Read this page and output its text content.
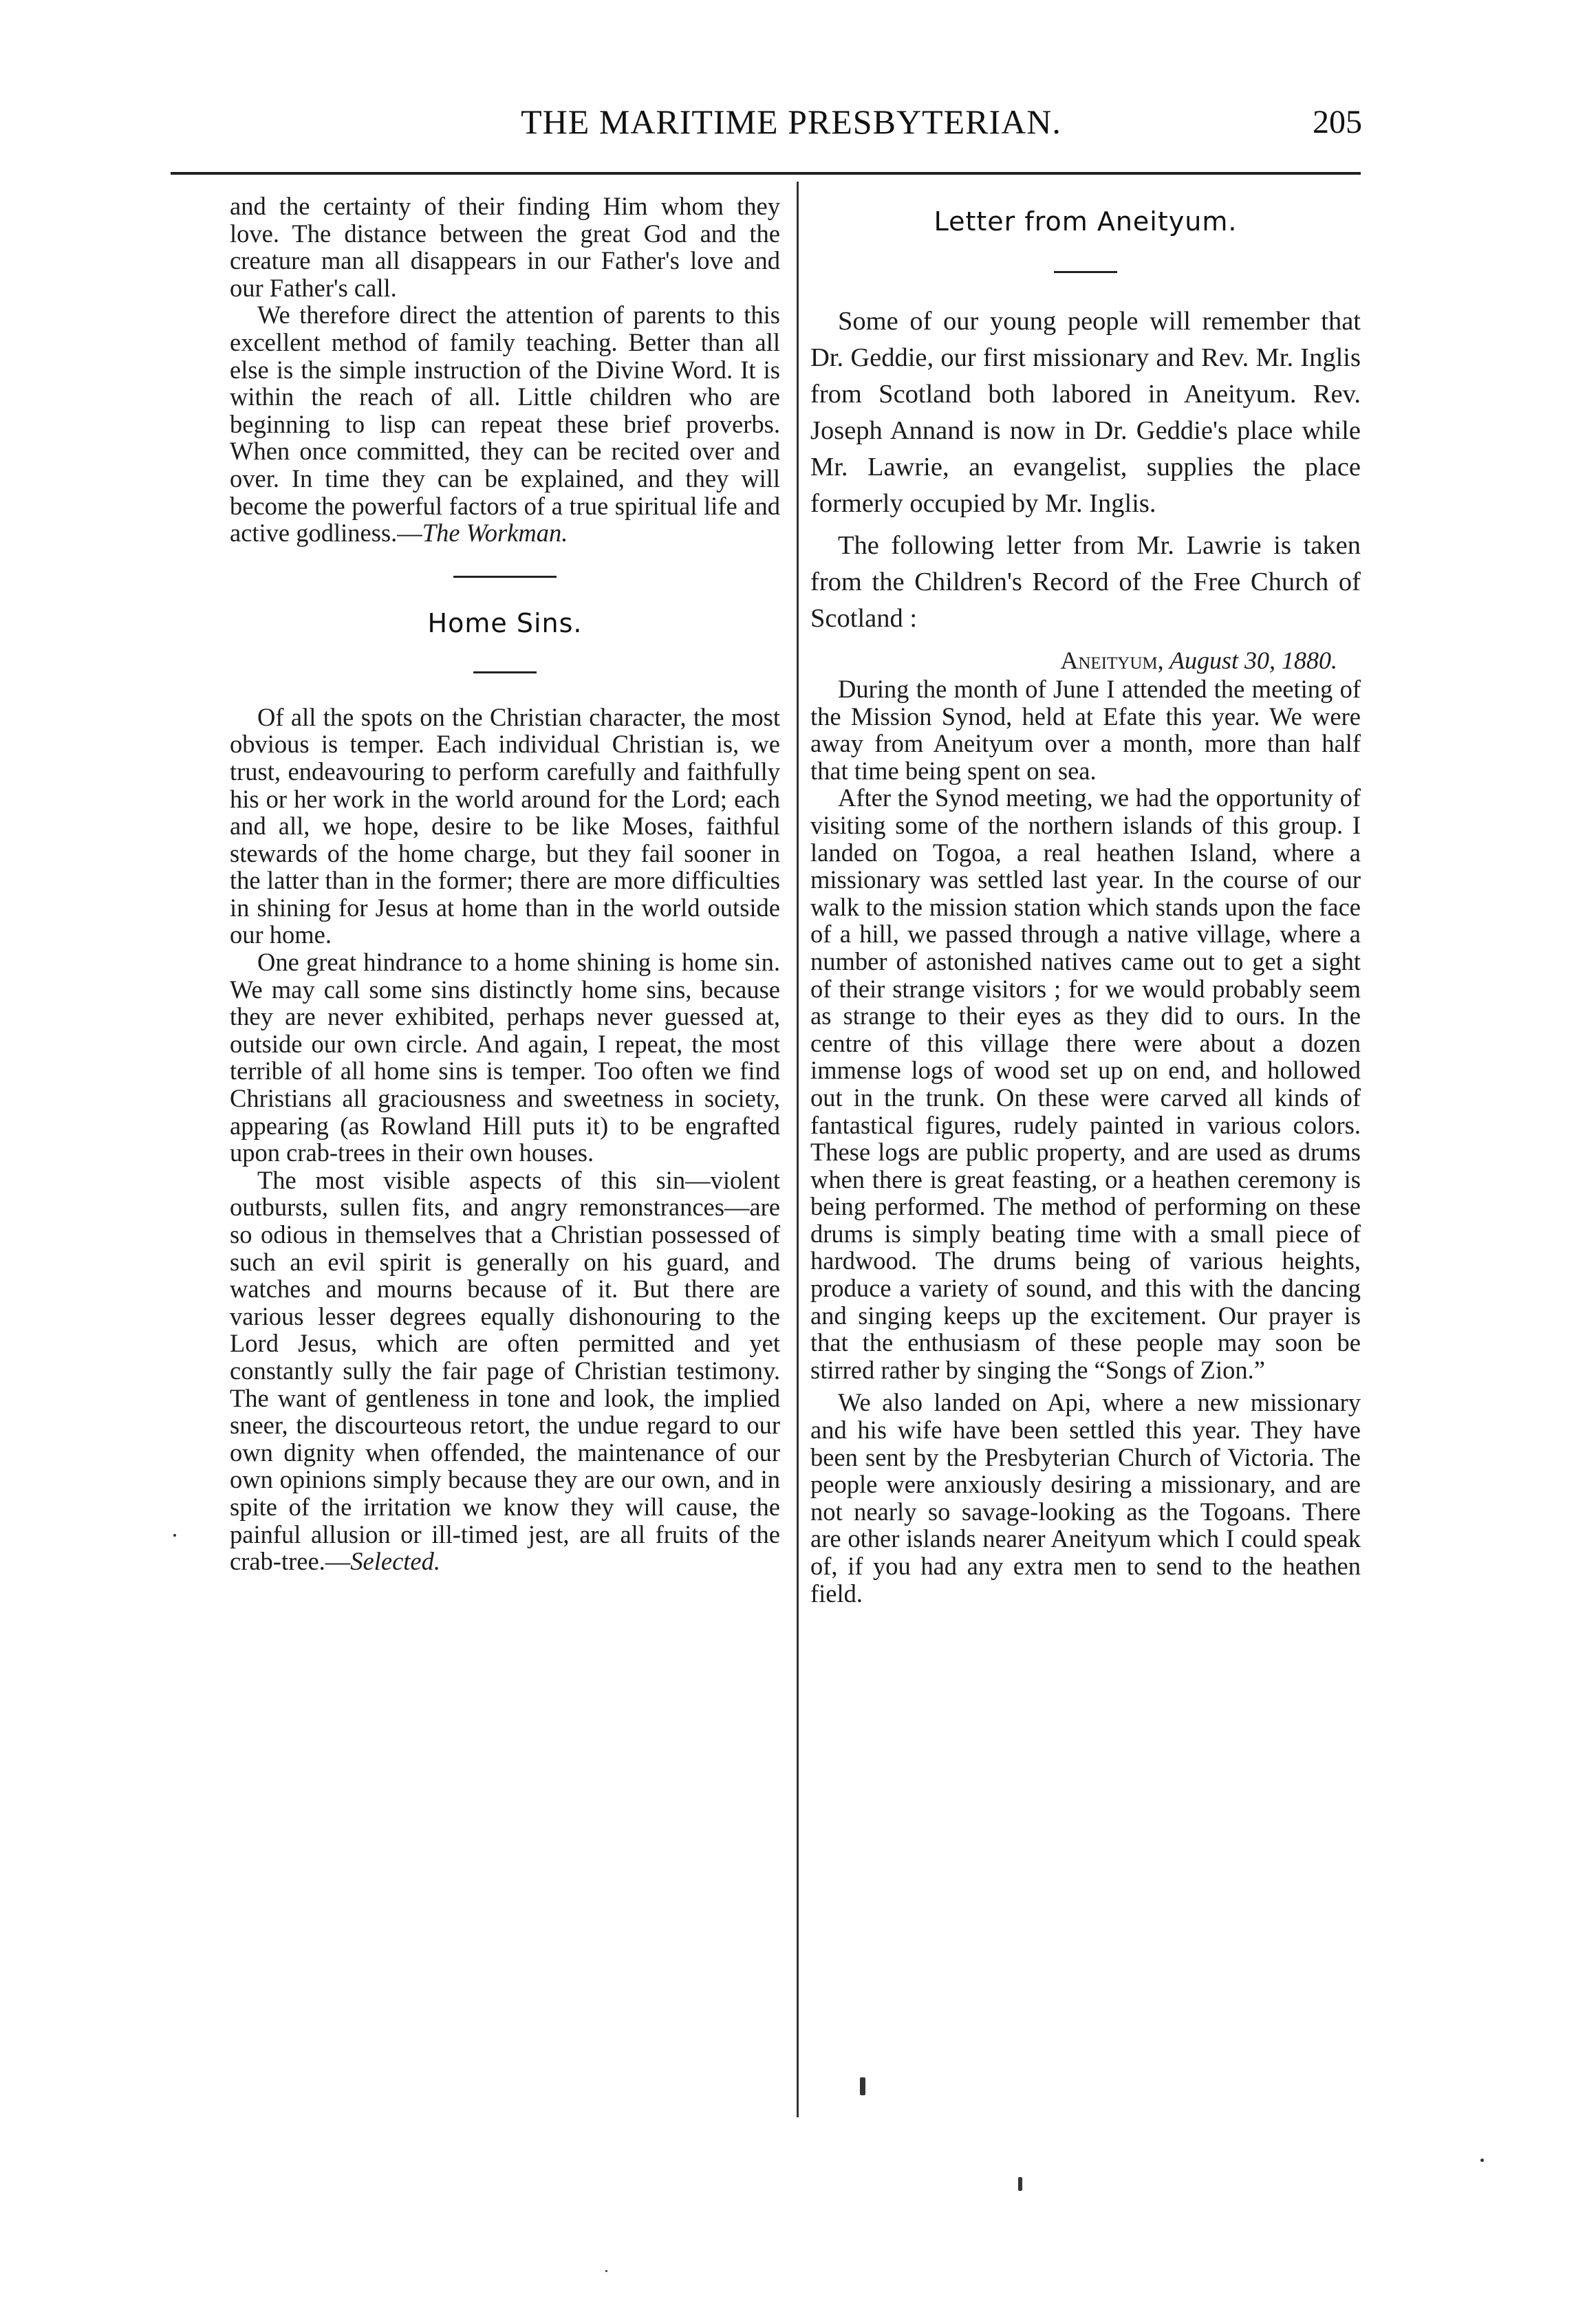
THE MARITIME PRESBYTERIAN.	205

and the certainty of their finding Him whom they love. The distance between the great God and the creature man all disappears in our Father's love and our Father's call.

We therefore direct the attention of parents to this excellent method of family teaching. Better than all else is the simple instruction of the Divine Word. It is within the reach of all. Little children who are beginning to lisp can repeat these brief proverbs. When once committed, they can be recited over and over. In time they can be explained, and they will become the powerful factors of a true spiritual life and active godliness.—The Workman.

Home Sins.

Of all the spots on the Christian character, the most obvious is temper. Each individual Christian is, we trust, endeavouring to perform carefully and faithfully his or her work in the world around for the Lord; each and all, we hope, desire to be like Moses, faithful stewards of the home charge, but they fail sooner in the latter than in the former; there are more difficulties in shining for Jesus at home than in the world outside our home.

One great hindrance to a home shining is home sin. We may call some sins distinctly home sins, because they are never exhibited, perhaps never guessed at, outside our own circle. And again, I repeat, the most terrible of all home sins is temper. Too often we find Christians all graciousness and sweetness in society, appearing (as Rowland Hill puts it) to be engrafted upon crab-trees in their own houses.

The most visible aspects of this sin—violent outbursts, sullen fits, and angry remonstrances—are so odious in themselves that a Christian possessed of such an evil spirit is generally on his guard, and watches and mourns because of it. But there are various lesser degrees equally dishonouring to the Lord Jesus, which are often permitted and yet constantly sully the fair page of Christian testimony. The want of gentleness in tone and look, the implied sneer, the discourteous retort, the undue regard to our own dignity when offended, the maintenance of our own opinions simply because they are our own, and in spite of the irritation we know they will cause, the painful allusion or ill-timed jest, are all fruits of the crab-tree.—Selected.

Letter from Aneityum.

Some of our young people will remember that Dr. Geddie, our first missionary and Rev. Mr. Inglis from Scotland both labored in Aneityum. Rev. Joseph Annand is now in Dr. Geddie's place while Mr. Lawrie, an evangelist, supplies the place formerly occupied by Mr. Inglis.

The following letter from Mr. Lawrie is taken from the Children's Record of the Free Church of Scotland :

Aneityum, August 30, 1880.

During the month of June I attended the meeting of the Mission Synod, held at Efate this year. We were away from Aneityum over a month, more than half that time being spent on sea.

After the Synod meeting, we had the opportunity of visiting some of the northern islands of this group. I landed on Togoa, a real heathen Island, where a missionary was settled last year. In the course of our walk to the mission station which stands upon the face of a hill, we passed through a native village, where a number of astonished natives came out to get a sight of their strange visitors ; for we would probably seem as strange to their eyes as they did to ours. In the centre of this village there were about a dozen immense logs of wood set up on end, and hollowed out in the trunk. On these were carved all kinds of fantastical figures, rudely painted in various colors. These logs are public property, and are used as drums when there is great feasting, or a heathen ceremony is being performed. The method of performing on these drums is simply beating time with a small piece of hardwood. The drums being of various heights, produce a variety of sound, and this with the dancing and singing keeps up the excitement. Our prayer is that the enthusiasm of these people may soon be stirred rather by singing the “Songs of Zion.”

We also landed on Api, where a new missionary and his wife have been settled this year. They have been sent by the Presbyterian Church of Victoria. The people were anxiously desiring a missionary, and are not nearly so savage-looking as the Togoans. There are other islands nearer Aneityum which I could speak of, if you had any extra men to send to the heathen field.
